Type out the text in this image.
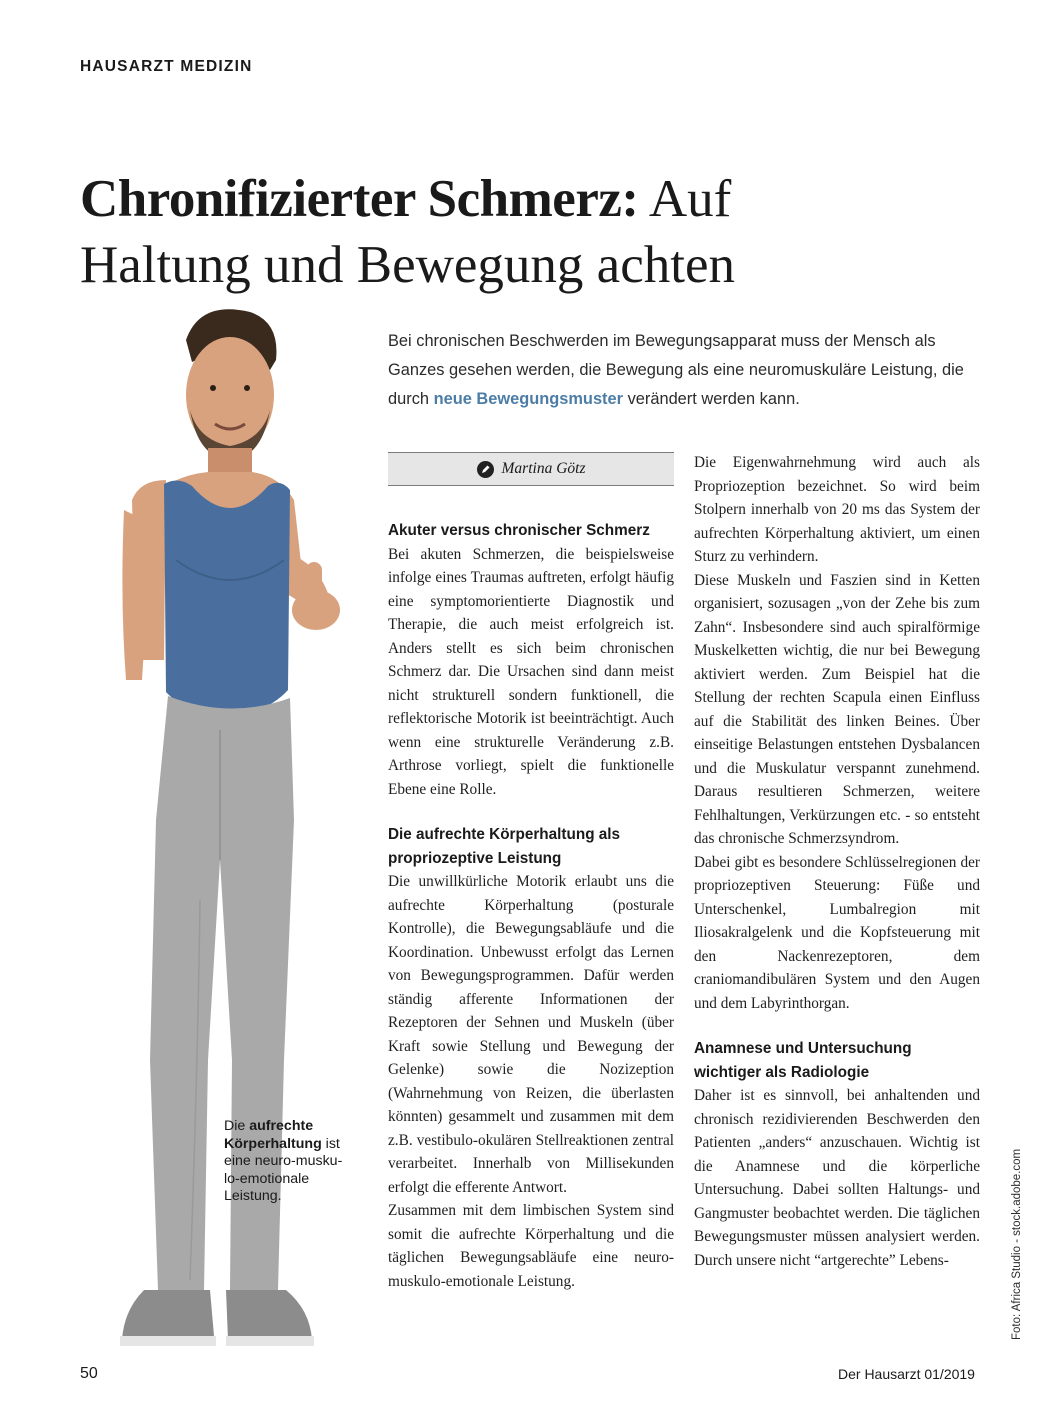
HAUSARZT MEDIZIN
Chronifizierter Schmerz: Auf
Haltung und Bewegung achten

Bei chronischen Beschwerden im Bewegungsapparat muss der Mensch als Ganzes gesehen werden, die Bewegung als eine neuromuskuläre Leistung, die durch neue Bewegungsmuster verändert werden kann.

Die aufrechte Körperhaltung ist eine neuro-muskulo-emotionale Leistung.

Martina Götz
Akuter versus chronischer Schmerz

Bei akuten Schmerzen, die beispielsweise infolge eines Traumas auftreten, erfolgt häufig eine symptomorientierte Diagnostik und Therapie, die auch meist erfolgreich ist. Anders stellt es sich beim chronischen Schmerz dar. Die Ursachen sind dann meist nicht strukturell sondern funktionell, die reflektorische Motorik ist beeinträchtigt. Auch wenn eine strukturelle Veränderung z.B. Arthrose vorliegt, spielt die funktionelle Ebene eine Rolle.

Die aufrechte Körperhaltung als propriozeptive Leistung

Die unwillkürliche Motorik erlaubt uns die aufrechte Körperhaltung (posturale Kontrolle), die Bewegungsabläufe und die Koordination. Unbewusst erfolgt das Lernen von Bewegungsprogrammen. Dafür werden ständig afferente Informationen der Rezeptoren der Sehnen und Muskeln (über Kraft sowie Stellung und Bewegung der Gelenke) sowie die Nozizeption (Wahrnehmung von Reizen, die überlasten könnten) gesammelt und zusammen mit dem z.B. vestibulo-okulären Stellreaktionen zentral verarbeitet. Innerhalb von Millisekunden erfolgt die efferente Antwort.

Zusammen mit dem limbischen System sind somit die aufrechte Körperhaltung und die täglichen Bewegungsabläufe eine neuro-muskulo-emotionale Leistung.

Die Eigenwahrnehmung wird auch als Propriozeption bezeichnet. So wird beim Stolpern innerhalb von 20 ms das System der aufrechten Körperhaltung aktiviert, um einen Sturz zu verhindern.

Diese Muskeln und Faszien sind in Ketten organisiert, sozusagen „von der Zehe bis zum Zahn“. Insbesondere sind auch spiralförmige Muskelketten wichtig, die nur bei Bewegung aktiviert werden. Zum Beispiel hat die Stellung der rechten Scapula einen Einfluss auf die Stabilität des linken Beines. Über einseitige Belastungen entstehen Dysbalancen und die Muskulatur verspannt zunehmend. Daraus resultieren Schmerzen, weitere Fehlhaltungen, Verkürzungen etc. - so entsteht das chronische Schmerzsyndrom.

Dabei gibt es besondere Schlüsselregionen der propriozeptiven Steuerung: Füße und Unterschenkel, Lumbalregion mit Iliosakralgelenk und die Kopfsteuerung mit den Nackenrezeptoren, dem craniomandibulären System und den Augen und dem Labyrinthorgan.

Anamnese und Untersuchung wichtiger als Radiologie

Daher ist es sinnvoll, bei anhaltenden und chronisch rezidivierenden Beschwerden den Patienten „anders“ anzuschauen. Wichtig ist die Anamnese und die körperliche Untersuchung. Dabei sollten Haltungs- und Gangmuster beobachtet werden. Die täglichen Bewegungsmuster müssen analysiert werden. Durch unsere nicht “artgerechte” Lebens-	Foto: Africa Studio - stock.adobe.com
50	Der Hausarzt 01/2019
